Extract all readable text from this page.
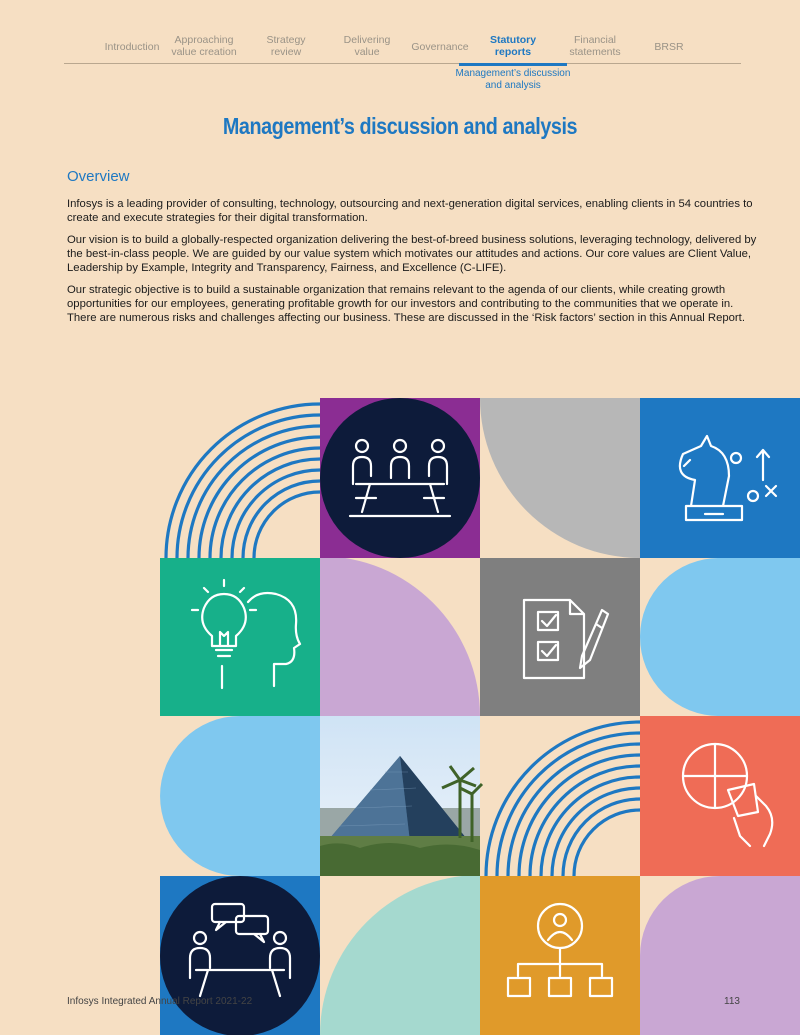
Introduction
Approaching
value creation
Strategy
review
Delivering
value	Governance
Statutory
reports
Financial
statements	BRSR
Management’s discussion
and analysis
Management’s discussion and analysis
Overview

Infosys is a leading provider of consulting, technology, outsourcing and next-generation digital services, enabling clients in 54 countries to create and execute strategies for their digital transformation.

Our vision is to build a globally-respected organization delivering the best-of-breed business solutions, leveraging technology, delivered by the best-in-class people. We are guided by our value system which motivates our attitudes and actions. Our core values are Client Value, Leadership by Example, Integrity and Transparency, Fairness, and Excellence (C-LIFE).

Our strategic objective is to build a sustainable organization that remains relevant to the agenda of our clients, while creating growth opportunities for our employees, generating profitable growth for our investors and contributing to the communities that we operate in. There are numerous risks and challenges affecting our business. These are discussed in the ‘Risk factors’ section in this Annual Report.

Infosys Integrated Annual Report 2021-22	113
